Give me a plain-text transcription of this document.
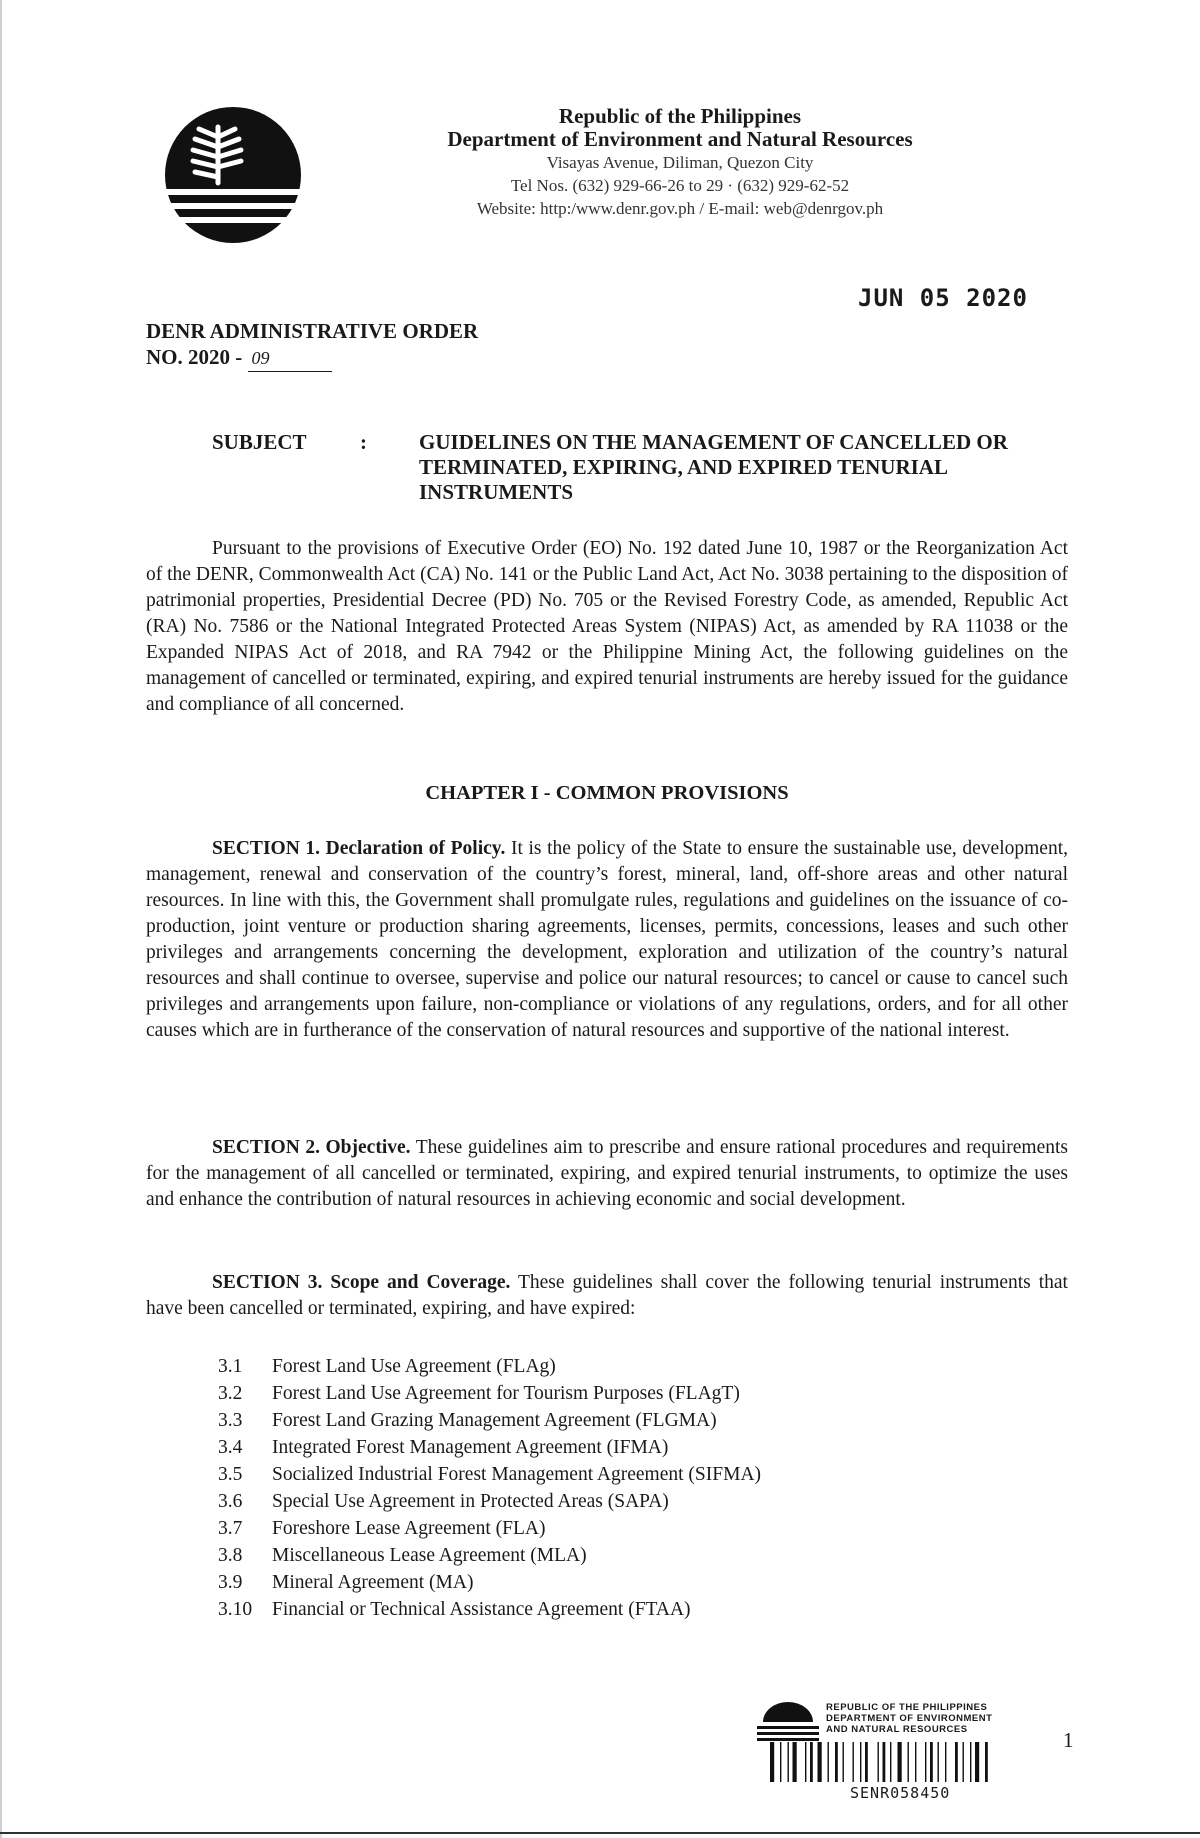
Republic of the Philippines
Department of Environment and Natural Resources
Visayas Avenue, Diliman, Quezon City
Tel Nos. (632) 929-66-26 to 29 · (632) 929-62-52
Website: http:/www.denr.gov.ph / E-mail: web@denrgov.ph
JUN 05 2020
DENR ADMINISTRATIVE ORDER
NO. 2020 - 09
SUBJECT	: GUIDELINES ON THE MANAGEMENT OF CANCELLED OR TERMINATED, EXPIRING, AND EXPIRED TENURIAL INSTRUMENTS
Pursuant to the provisions of Executive Order (EO) No. 192 dated June 10, 1987 or the Reorganization Act of the DENR, Commonwealth Act (CA) No. 141 or the Public Land Act, Act No. 3038 pertaining to the disposition of patrimonial properties, Presidential Decree (PD) No. 705 or the Revised Forestry Code, as amended, Republic Act (RA) No. 7586 or the National Integrated Protected Areas System (NIPAS) Act, as amended by RA 11038 or the Expanded NIPAS Act of 2018, and RA 7942 or the Philippine Mining Act, the following guidelines on the management of cancelled or terminated, expiring, and expired tenurial instruments are hereby issued for the guidance and compliance of all concerned.
CHAPTER I - COMMON PROVISIONS
SECTION 1. Declaration of Policy. It is the policy of the State to ensure the sustainable use, development, management, renewal and conservation of the country’s forest, mineral, land, off-shore areas and other natural resources. In line with this, the Government shall promulgate rules, regulations and guidelines on the issuance of co-production, joint venture or production sharing agreements, licenses, permits, concessions, leases and such other privileges and arrangements concerning the development, exploration and utilization of the country’s natural resources and shall continue to oversee, supervise and police our natural resources; to cancel or cause to cancel such privileges and arrangements upon failure, non-compliance or violations of any regulations, orders, and for all other causes which are in furtherance of the conservation of natural resources and supportive of the national interest.
SECTION 2. Objective. These guidelines aim to prescribe and ensure rational procedures and requirements for the management of all cancelled or terminated, expiring, and expired tenurial instruments, to optimize the uses and enhance the contribution of natural resources in achieving economic and social development.
SECTION 3. Scope and Coverage. These guidelines shall cover the following tenurial instruments that have been cancelled or terminated, expiring, and have expired:
3.1	Forest Land Use Agreement (FLAg)
3.2	Forest Land Use Agreement for Tourism Purposes (FLAgT)
3.3	Forest Land Grazing Management Agreement (FLGMA)
3.4	Integrated Forest Management Agreement (IFMA)
3.5	Socialized Industrial Forest Management Agreement (SIFMA)
3.6	Special Use Agreement in Protected Areas (SAPA)
3.7	Foreshore Lease Agreement (FLA)
3.8	Miscellaneous Lease Agreement (MLA)
3.9	Mineral Agreement (MA)
3.10	Financial or Technical Assistance Agreement (FTAA)
REPUBLIC OF THE PHILIPPINES
DEPARTMENT OF ENVIRONMENT
AND NATURAL RESOURCES
SENR058450
1
